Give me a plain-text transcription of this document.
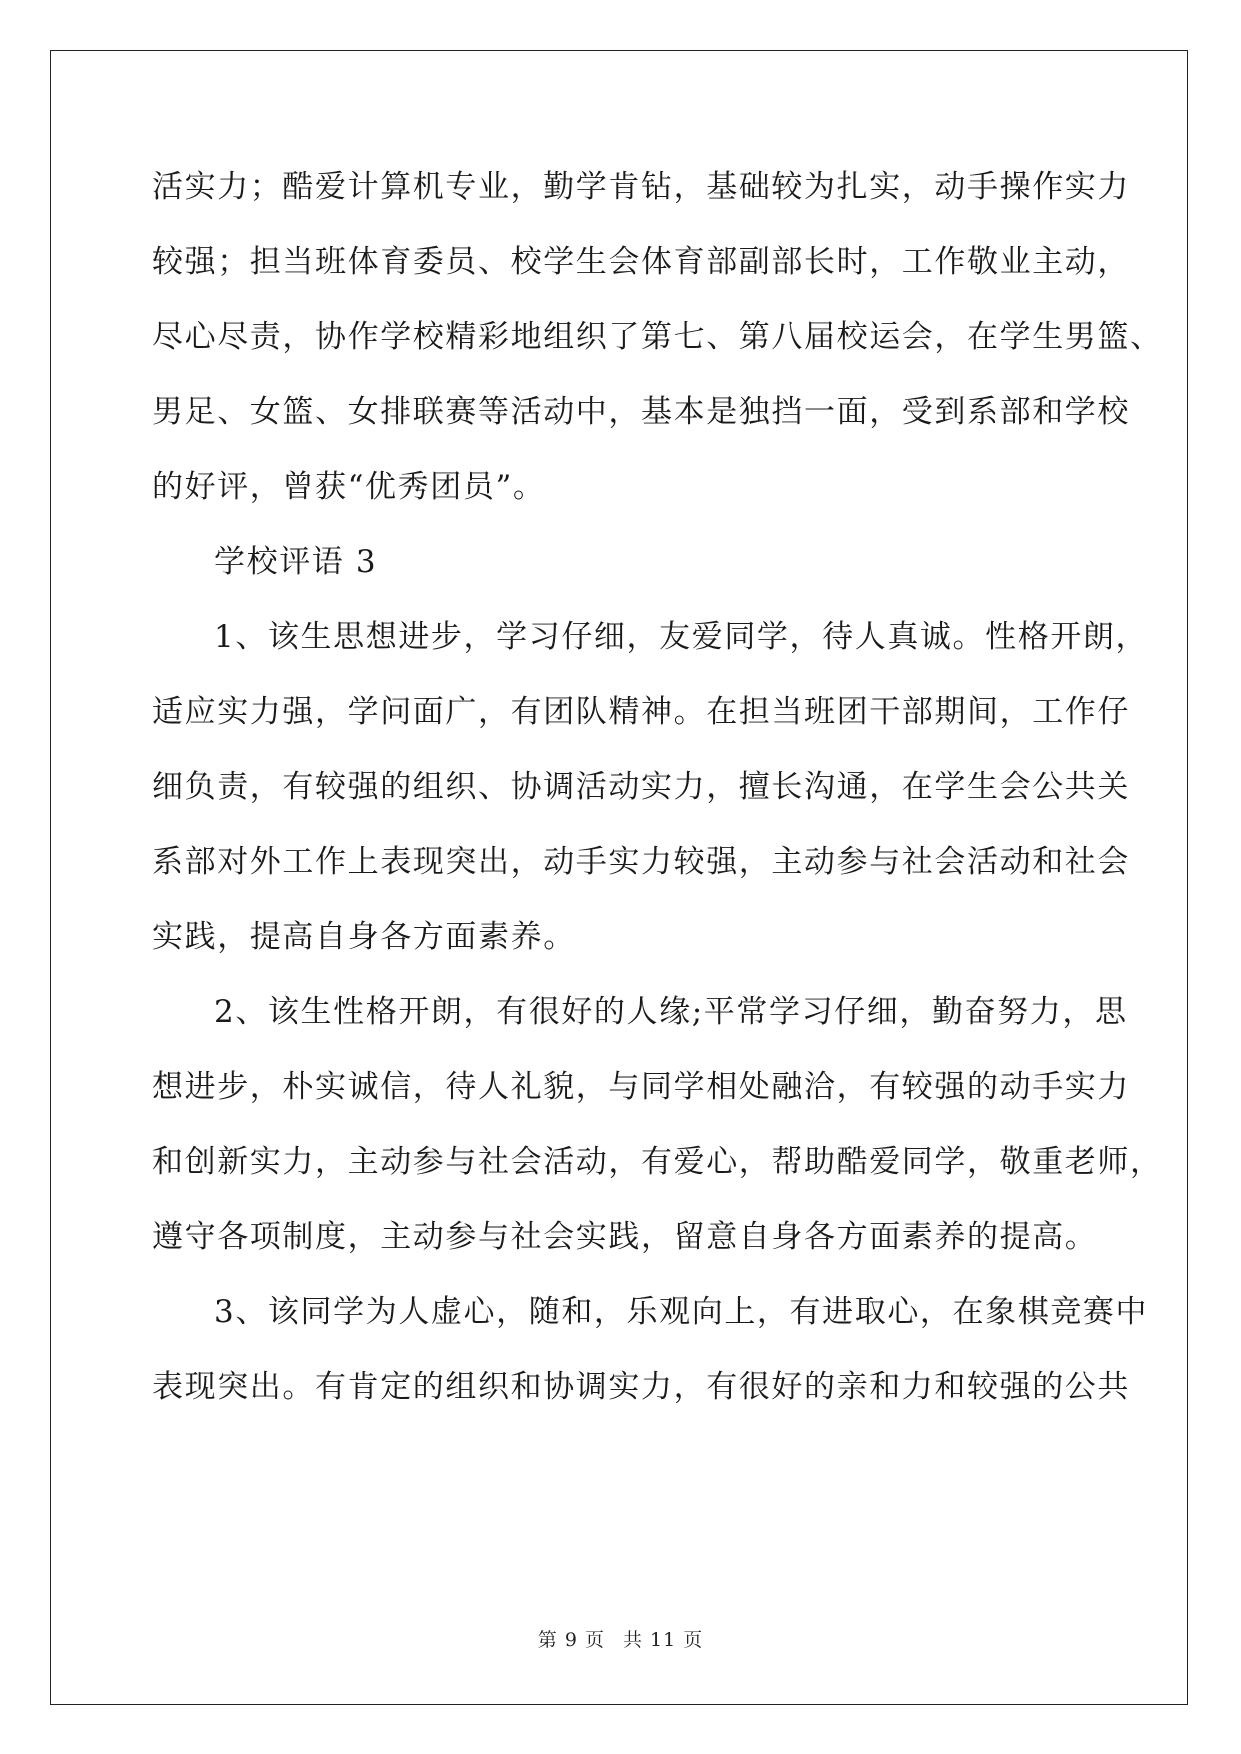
活实力；酷爱计算机专业，勤学肯钻，基础较为扎实，动手操作实力
较强；担当班体育委员、校学生会体育部副部长时，工作敬业主动，
尽心尽责，协作学校精彩地组织了第七、第八届校运会，在学生男篮、
男足、女篮、女排联赛等活动中，基本是独挡一面，受到系部和学校
的好评，曾获“优秀团员”。
学校评语 3
1、该生思想进步，学习仔细，友爱同学，待人真诚。性格开朗，
适应实力强，学问面广，有团队精神。在担当班团干部期间，工作仔
细负责，有较强的组织、协调活动实力，擅长沟通，在学生会公共关
系部对外工作上表现突出，动手实力较强，主动参与社会活动和社会
实践，提高自身各方面素养。
2、该生性格开朗，有很好的人缘;平常学习仔细，勤奋努力，思
想进步，朴实诚信，待人礼貌，与同学相处融洽，有较强的动手实力
和创新实力，主动参与社会活动，有爱心，帮助酷爱同学，敬重老师，
遵守各项制度，主动参与社会实践，留意自身各方面素养的提高。
3、该同学为人虚心，随和，乐观向上，有进取心，在象棋竞赛中
表现突出。有肯定的组织和协调实力，有很好的亲和力和较强的公共
第 9 页 共 11 页
